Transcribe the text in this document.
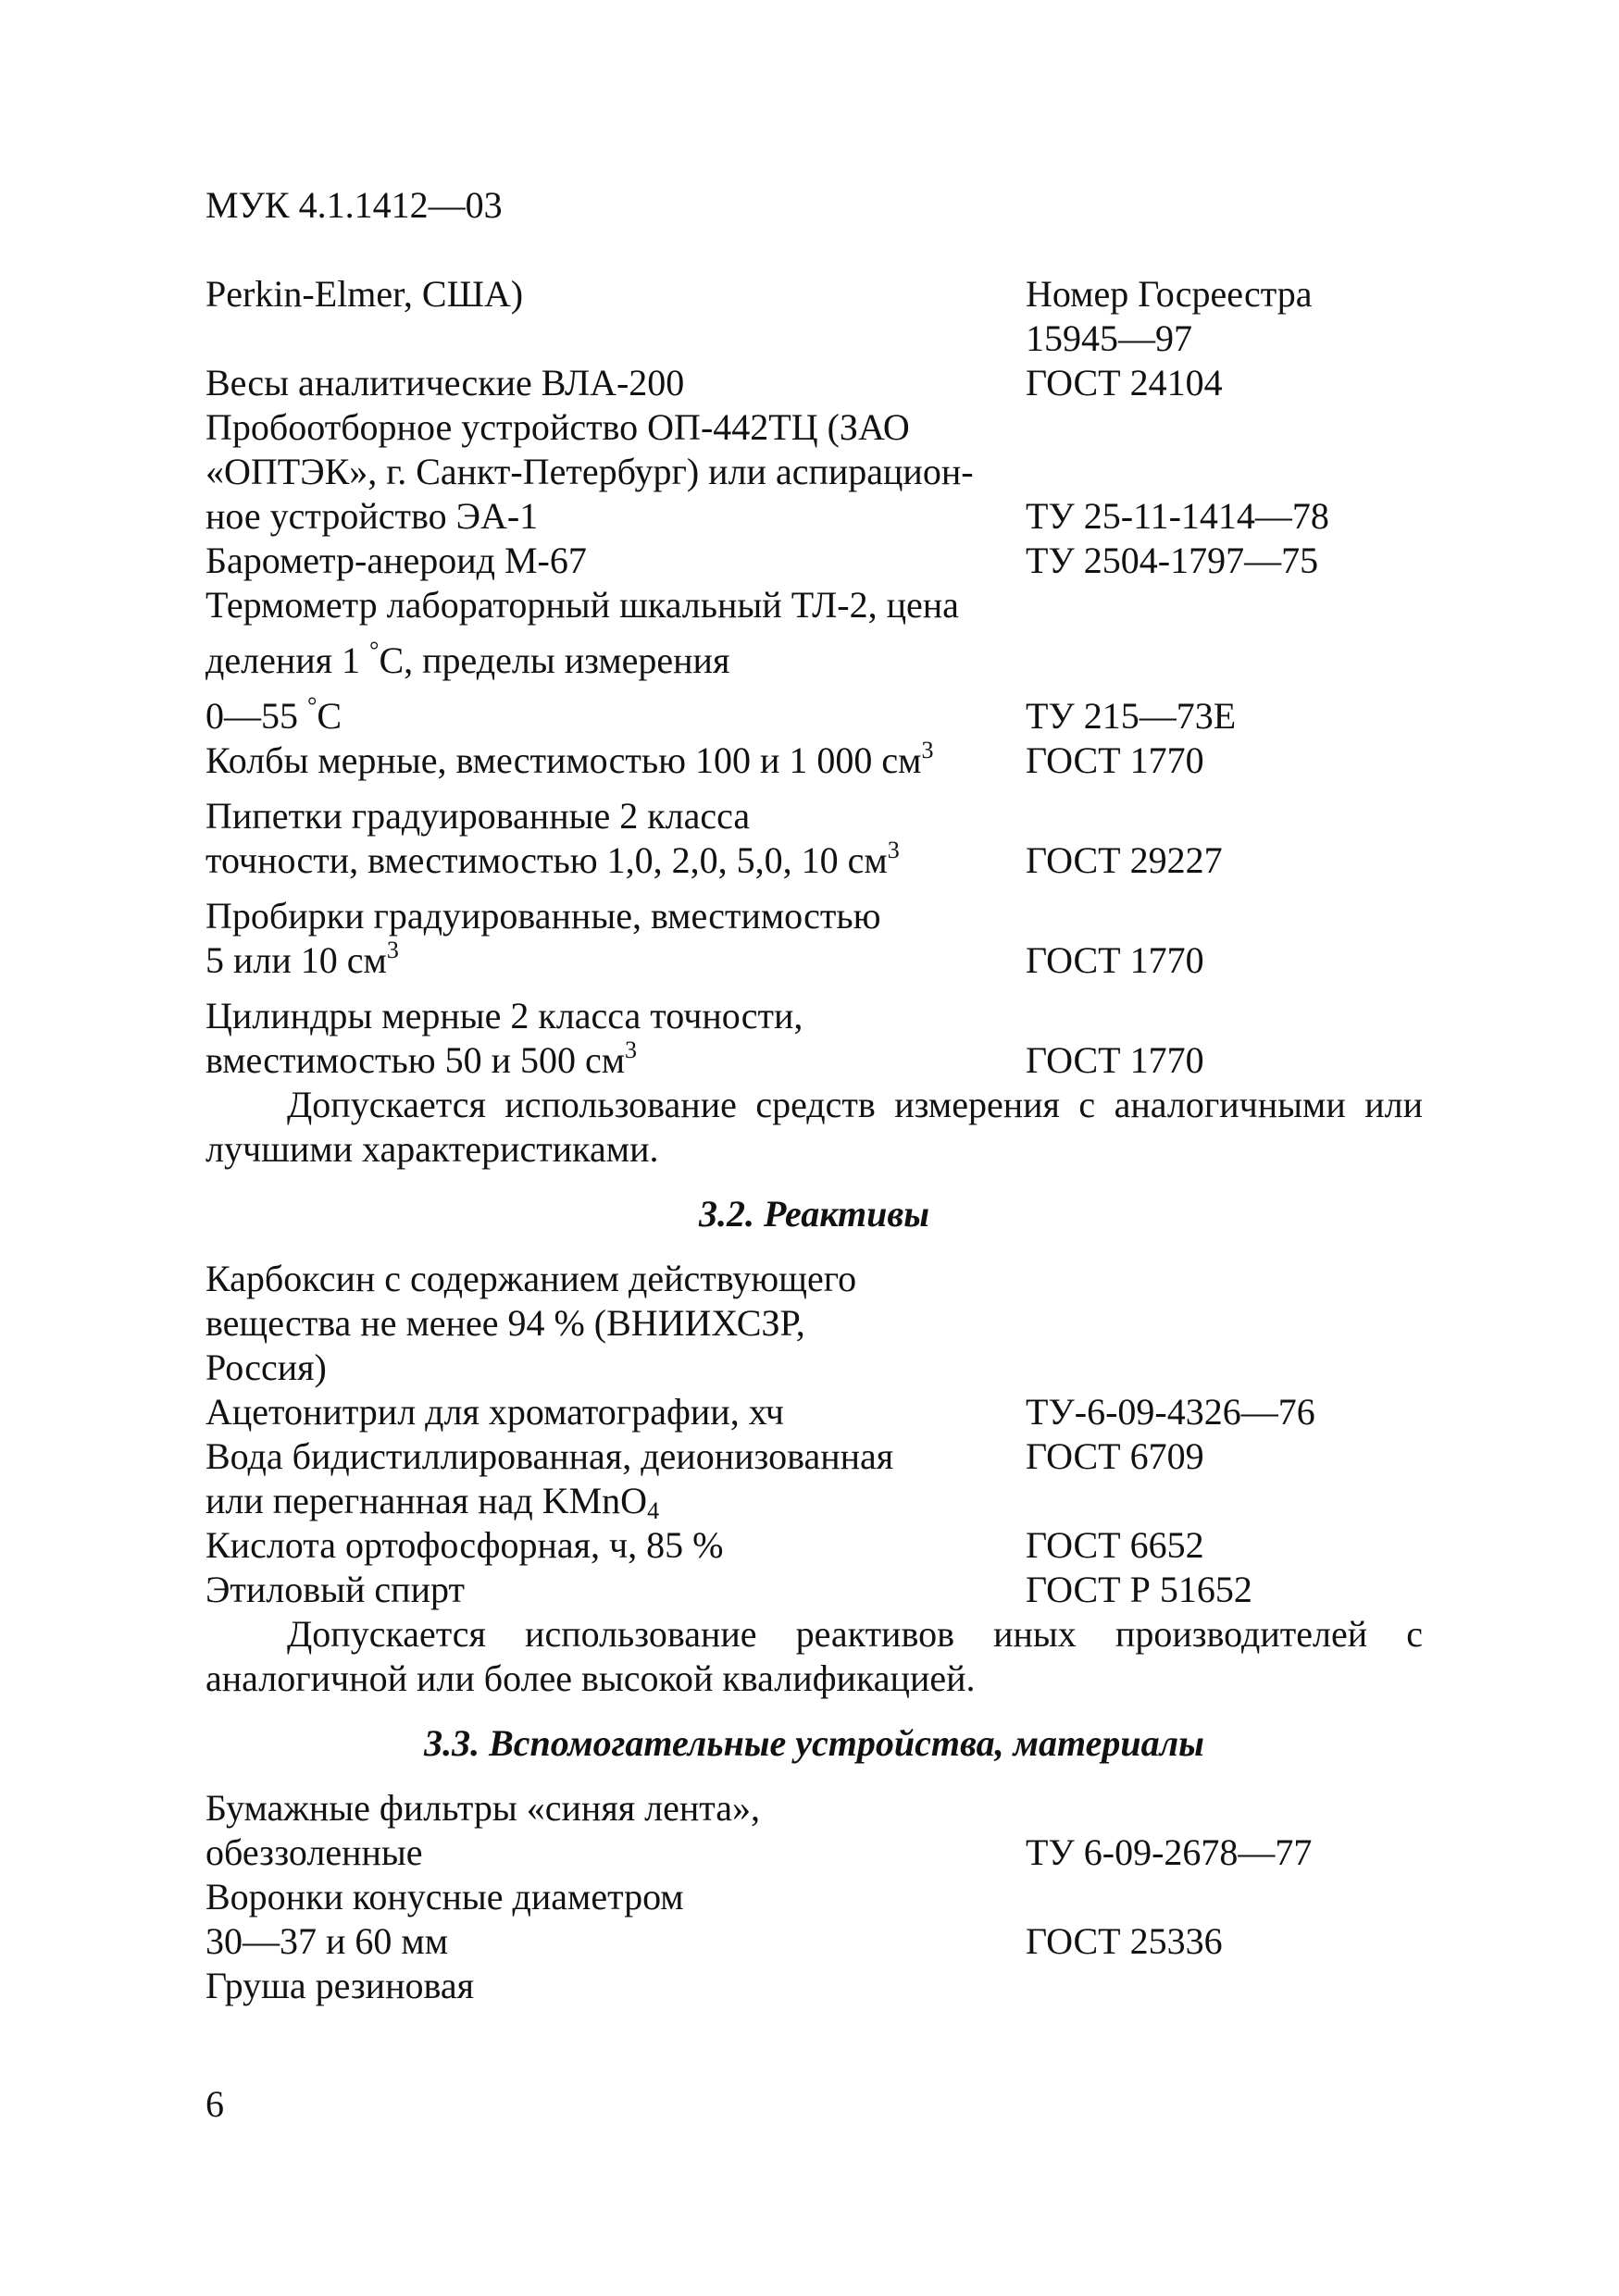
МУК 4.1.1412—03
Perkin-Elmer, США)	Номер Госреестра
15945—97
Весы аналитические ВЛА-200	ГОСТ 24104
Пробоотборное устройство ОП-442ТЦ (ЗАО
«ОПТЭК», г. Санкт-Петербург) или аспирацион-
ное устройство ЭА-1	ТУ 25-11-1414—78
Барометр-анероид М-67	ТУ 2504-1797—75
Термометр лабораторный шкальный ТЛ-2, цена
деления 1 °С, пределы измерения
0—55 °С	ТУ 215—73Е
Колбы мерные, вместимостью 100 и 1 000 $см^3$ ГОСТ 1770
Пипетки градуированные 2 класса
точности, вместимостью 1,0, 2,0, 5,0, 10 $см^3$	ГОСТ 29227
Пробирки градуированные, вместимостью
5 или 10 $см^3$	ГОСТ 1770
Цилиндры мерные 2 класса точности,
вместимостью 50 и 500 $см^3$	ГОСТ 1770

Допускается использование средств измерения с аналогичными или лучшими характеристиками.

3.2. Реактивы

Карбоксин с содержанием действующего
вещества не менее 94 % (ВНИИХСЗР,
Россия)
Ацетонитрил для хроматографии, хч	ТУ-6-09-4326—76
Вода бидистиллированная, деионизованная	ГОСТ 6709
или перегнанная над KMnO$_4$
Кислота ортофосфорная, ч, 85 %	ГОСТ 6652
Этиловый спирт	ГОСТ Р 51652

Допускается использование реактивов иных производителей с аналогичной или более высокой квалификацией.

3.3. Вспомогательные устройства, материалы

Бумажные фильтры «синяя лента»,
обеззоленные	ТУ 6-09-2678—77
Воронки конусные диаметром
30—37 и 60 мм	ГОСТ 25336
Груша резиновая
6
